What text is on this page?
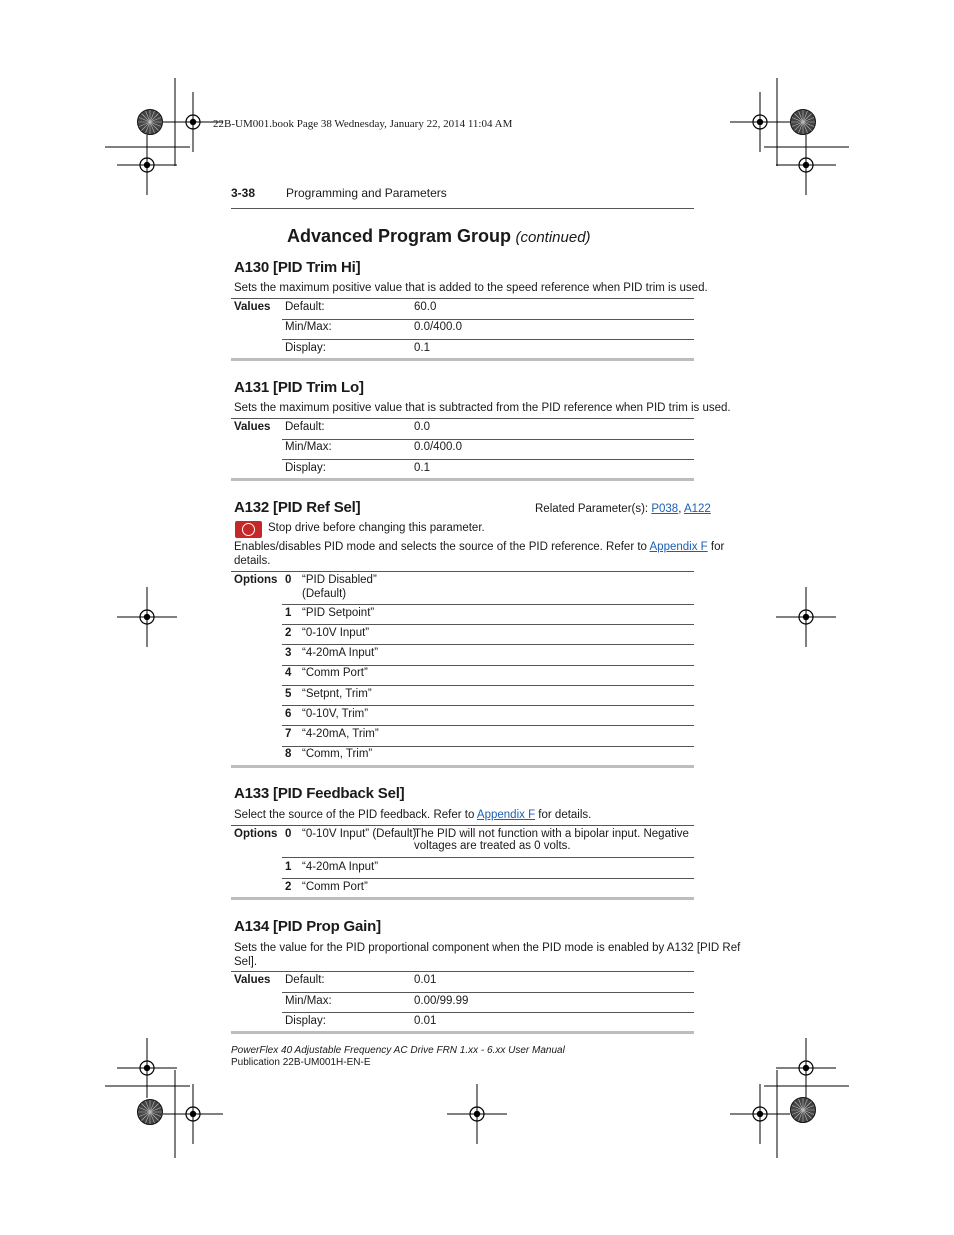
22B-UM001.book Page 38 Wednesday, January 22, 2014 11:04 AM
3-38	Programming and Parameters
Advanced Program Group (continued)
A130 [PID Trim Hi]
Sets the maximum positive value that is added to the speed reference when PID trim is used.
Values Default:	60.0
Min/Max:	0.0/400.0
Display:	0.1
A131 [PID Trim Lo]
Sets the maximum positive value that is subtracted from the PID reference when PID trim is used.
Values Default:	0.0
Min/Max:	0.0/400.0
Display:	0.1
A132 [PID Ref Sel]	Related Parameter(s): P038, A122
Stop drive before changing this parameter.
Enables/disables PID mode and selects the source of the PID reference. Refer to Appendix F for
details.
Options 0 “PID Disabled”
(Default)
1 “PID Setpoint”
2 “0-10V Input”
3 “4-20mA Input”
4 “Comm Port”
5 “Setpnt, Trim”
6 “0-10V, Trim”
7 “4-20mA, Trim”
8 “Comm, Trim”
A133 [PID Feedback Sel]
Select the source of the PID feedback. Refer to Appendix F for details.
Options 0 “0-10V Input” (Default)
The PID will not function with a bipolar input. Negative
voltages are treated as 0 volts.
1 “4-20mA Input”
2 “Comm Port”
A134 [PID Prop Gain]
Sets the value for the PID proportional component when the PID mode is enabled by A132 [PID Ref
Sel].
Values Default:	0.01
Min/Max:	0.00/99.99
Display:	0.01
PowerFlex 40 Adjustable Frequency AC Drive FRN 1.xx - 6.xx User Manual
Publication 22B-UM001H-EN-E
